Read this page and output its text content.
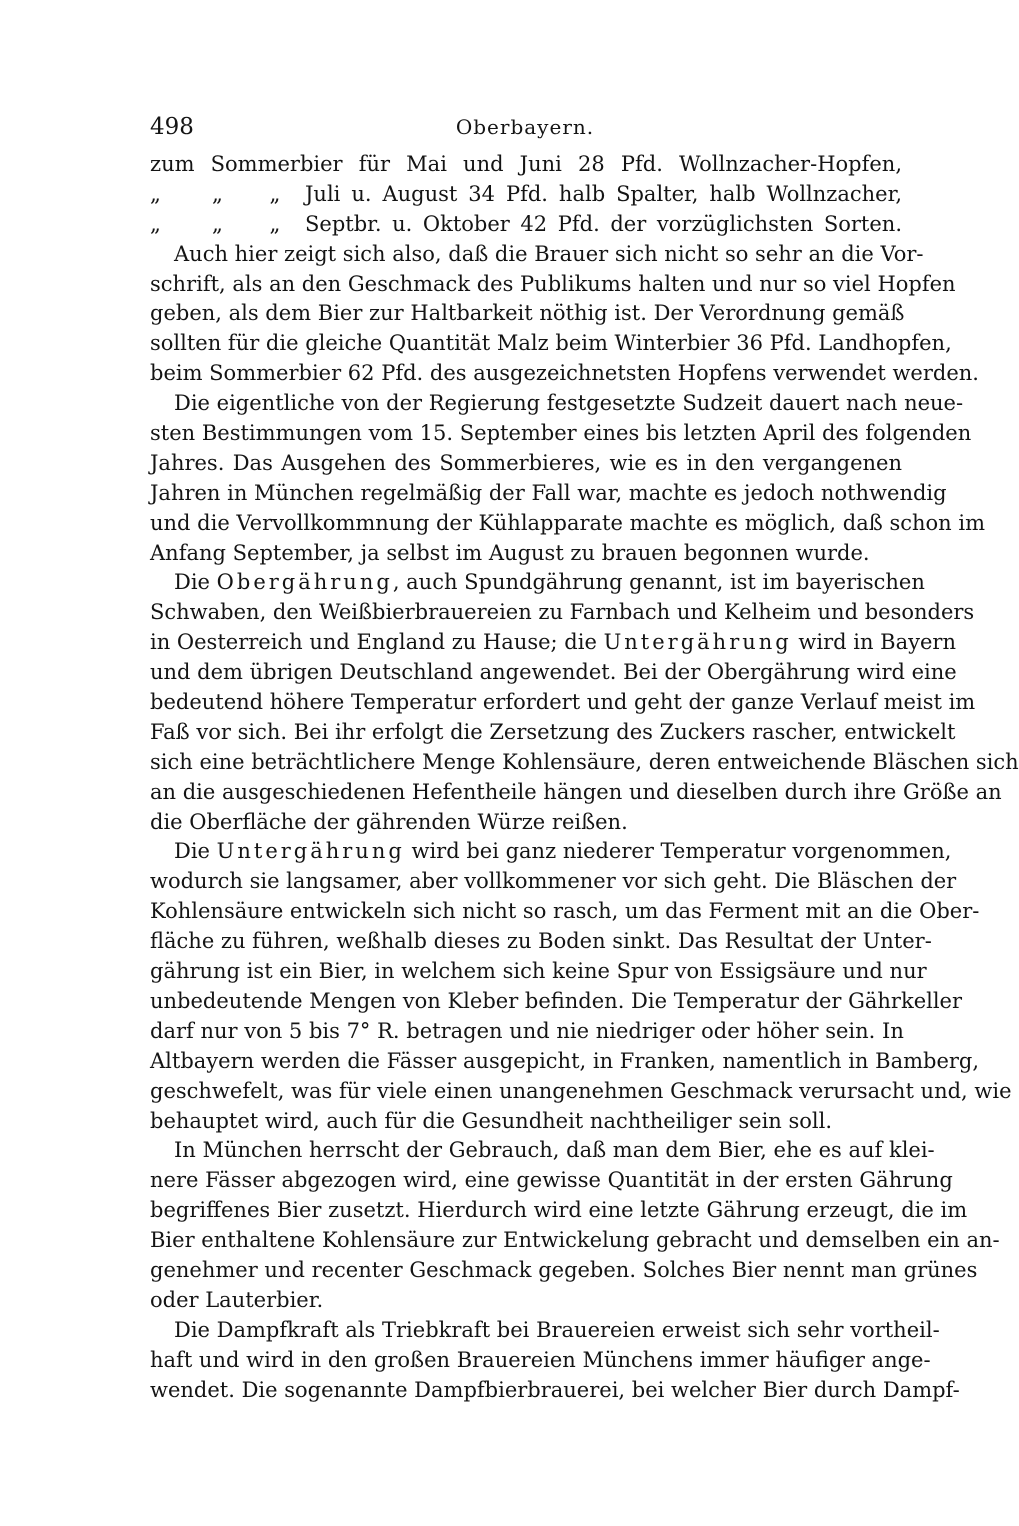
498	Oberbayern.
zum Sommerbier für Mai und Juni 28 Pfd. Wollnzacher-Hopfen,
„	„	„	Juli u. August 34 Pfd. halb Spalter, halb Wollnzacher,
„	„	„	Septbr. u. Oktober 42 Pfd. der vorzüglichsten Sorten.
Auch hier zeigt sich also, daß die Brauer sich nicht so sehr an die Vor-
schrift, als an den Geschmack des Publikums halten und nur so viel Hopfen
geben, als dem Bier zur Haltbarkeit nöthig ist. Der Verordnung gemäß
sollten für die gleiche Quantität Malz beim Winterbier 36 Pfd. Landhopfen,
beim Sommerbier 62 Pfd. des ausgezeichnetsten Hopfens verwendet werden.
Die eigentliche von der Regierung festgesetzte Sudzeit dauert nach neue-
sten Bestimmungen vom 15. September eines bis letzten April des folgenden
Jahres. Das Ausgehen des Sommerbieres, wie es in den vergangenen
Jahren in München regelmäßig der Fall war, machte es jedoch nothwendig
und die Vervollkommnung der Kühlapparate machte es möglich, daß schon im
Anfang September, ja selbst im August zu brauen begonnen wurde.
Die Obergährung, auch Spundgährung genannt, ist im bayerischen
Schwaben, den Weißbierbrauereien zu Farnbach und Kelheim und besonders
in Oesterreich und England zu Hause; die Untergährung wird in Bayern
und dem übrigen Deutschland angewendet. Bei der Obergährung wird eine
bedeutend höhere Temperatur erfordert und geht der ganze Verlauf meist im
Faß vor sich. Bei ihr erfolgt die Zersetzung des Zuckers rascher, entwickelt
sich eine beträchtlichere Menge Kohlensäure, deren entweichende Bläschen sich
an die ausgeschiedenen Hefentheile hängen und dieselben durch ihre Größe an
die Oberfläche der gährenden Würze reißen.
Die Untergährung wird bei ganz niederer Temperatur vorgenommen,
wodurch sie langsamer, aber vollkommener vor sich geht. Die Bläschen der
Kohlensäure entwickeln sich nicht so rasch, um das Ferment mit an die Ober-
fläche zu führen, weßhalb dieses zu Boden sinkt. Das Resultat der Unter-
gährung ist ein Bier, in welchem sich keine Spur von Essigsäure und nur
unbedeutende Mengen von Kleber befinden. Die Temperatur der Gährkeller
darf nur von 5 bis 7° R. betragen und nie niedriger oder höher sein. In
Altbayern werden die Fässer ausgepicht, in Franken, namentlich in Bamberg,
geschwefelt, was für viele einen unangenehmen Geschmack verursacht und, wie
behauptet wird, auch für die Gesundheit nachtheiliger sein soll.
In München herrscht der Gebrauch, daß man dem Bier, ehe es auf klei-
nere Fässer abgezogen wird, eine gewisse Quantität in der ersten Gährung
begriffenes Bier zusetzt. Hierdurch wird eine letzte Gährung erzeugt, die im
Bier enthaltene Kohlensäure zur Entwickelung gebracht und demselben ein an-
genehmer und recenter Geschmack gegeben. Solches Bier nennt man grünes
oder Lauterbier.
Die Dampfkraft als Triebkraft bei Brauereien erweist sich sehr vortheil-
haft und wird in den großen Brauereien Münchens immer häufiger ange-
wendet. Die sogenannte Dampfbierbrauerei, bei welcher Bier durch Dampf-
